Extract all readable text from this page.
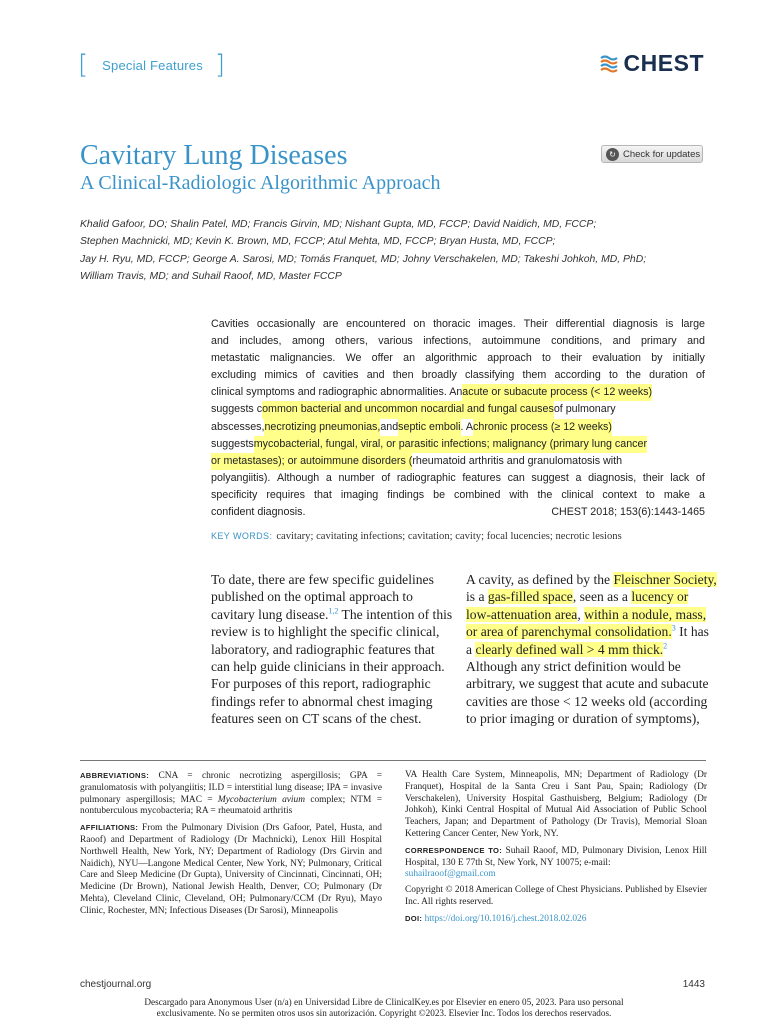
[ Special Features ]	CHEST
Cavitary Lung Diseases
A Clinical-Radiologic Algorithmic Approach
↻ Check for updates
Khalid Gafoor, DO; Shalin Patel, MD; Francis Girvin, MD; Nishant Gupta, MD, FCCP; David Naidich, MD, FCCP;
Stephen Machnicki, MD; Kevin K. Brown, MD, FCCP; Atul Mehta, MD, FCCP; Bryan Husta, MD, FCCP;
Jay H. Ryu, MD, FCCP; George A. Sarosi, MD; Tomás Franquet, MD; Johny Verschakelen, MD; Takeshi Johkoh, MD, PhD;
William Travis, MD; and Suhail Raoof, MD, Master FCCP
Cavities occasionally are encountered on thoracic images. Their differential diagnosis is large
and includes, among others, various infections, autoimmune conditions, and primary and
metastatic malignancies. We offer an algorithmic approach to their evaluation by initially
excluding mimics of cavities and then broadly classifying them according to the duration of
clinical symptoms and radiographic abnormalities. An acute or subacute process (< 12 weeks)
suggests c ommon bacterial and uncommon nocardial and fungal causes of pulmonary
abscesses, necrotizing pneumonias, and septic emboli . A chronic process (≥ 12 weeks)
suggests mycobacterial, fungal, viral, or parasitic infections; malignancy (primary lung cancer
or metastases); or autoimmune disorders ( rheumatoid arthritis and granulomatosis with
polyangiitis). Although a number of radiographic features can suggest a diagnosis, their lack of
specificity requires that imaging findings be combined with the clinical context to make a
confident diagnosis.	CHEST 2018; 153(6):1443-1465
KEY WORDS: cavitary; cavitating infections; cavitation; cavity; focal lucencies; necrotic lesions
To date, there are few specific guidelines
published on the optimal approach to
cavitary lung disease.$^{1,2}$ The intention of this
review is to highlight the specific clinical,
laboratory, and radiographic features that
can help guide clinicians in their approach.
For purposes of this report, radiographic
findings refer to abnormal chest imaging
features seen on CT scans of the chest.
A cavity, as defined by the Fleischner Society,
is a gas-filled space, seen as a lucency or
low-attenuation area, within a nodule, mass,
or area of parenchymal consolidation.$^3$ It has
a clearly defined wall > 4 mm thick.$^2$
Although any strict definition would be
arbitrary, we suggest that acute and subacute
cavities are those < 12 weeks old (according
to prior imaging or duration of symptoms),

ABBREVIATIONS: CNA = chronic necrotizing aspergillosis; GPA = granulomatosis with polyangiitis; ILD = interstitial lung disease; IPA = invasive pulmonary aspergillosis; MAC = Mycobacterium avium complex; NTM = nontuberculous mycobacteria; RA = rheumatoid arthritis

AFFILIATIONS: From the Pulmonary Division (Drs Gafoor, Patel, Husta, and Raoof) and Department of Radiology (Dr Machnicki), Lenox Hill Hospital Northwell Health, New York, NY; Department of Radiology (Drs Girvin and Naidich), NYU—Langone Medical Center, New York, NY; Pulmonary, Critical Care and Sleep Medicine (Dr Gupta), University of Cincinnati, Cincinnati, OH; Medicine (Dr Brown), National Jewish Health, Denver, CO; Pulmonary (Dr Mehta), Cleveland Clinic, Cleveland, OH; Pulmonary/CCM (Dr Ryu), Mayo Clinic, Rochester, MN; Infectious Diseases (Dr Sarosi), Minneapolis

VA Health Care System, Minneapolis, MN; Department of Radiology (Dr Franquet), Hospital de la Santa Creu i Sant Pau, Spain; Radiology (Dr Verschakelen), University Hospital Gasthuisberg, Belgium; Radiology (Dr Johkoh), Kinki Central Hospital of Mutual Aid Association of Public School Teachers, Japan; and Department of Pathology (Dr Travis), Memorial Sloan Kettering Cancer Center, New York, NY.

CORRESPONDENCE TO: Suhail Raoof, MD, Pulmonary Division, Lenox Hill Hospital, 130 E 77th St, New York, NY 10075; e-mail:
suhailraoof@gmail.com

Copyright © 2018 American College of Chest Physicians. Published by Elsevier Inc. All rights reserved.

DOI: https://doi.org/10.1016/j.chest.2018.02.026

chestjournal.org	1443
Descargado para Anonymous User (n/a) en Universidad Libre de ClinicalKey.es por Elsevier en enero 05, 2023. Para uso personal
exclusivamente. No se permiten otros usos sin autorización. Copyright ©2023. Elsevier Inc. Todos los derechos reservados.
